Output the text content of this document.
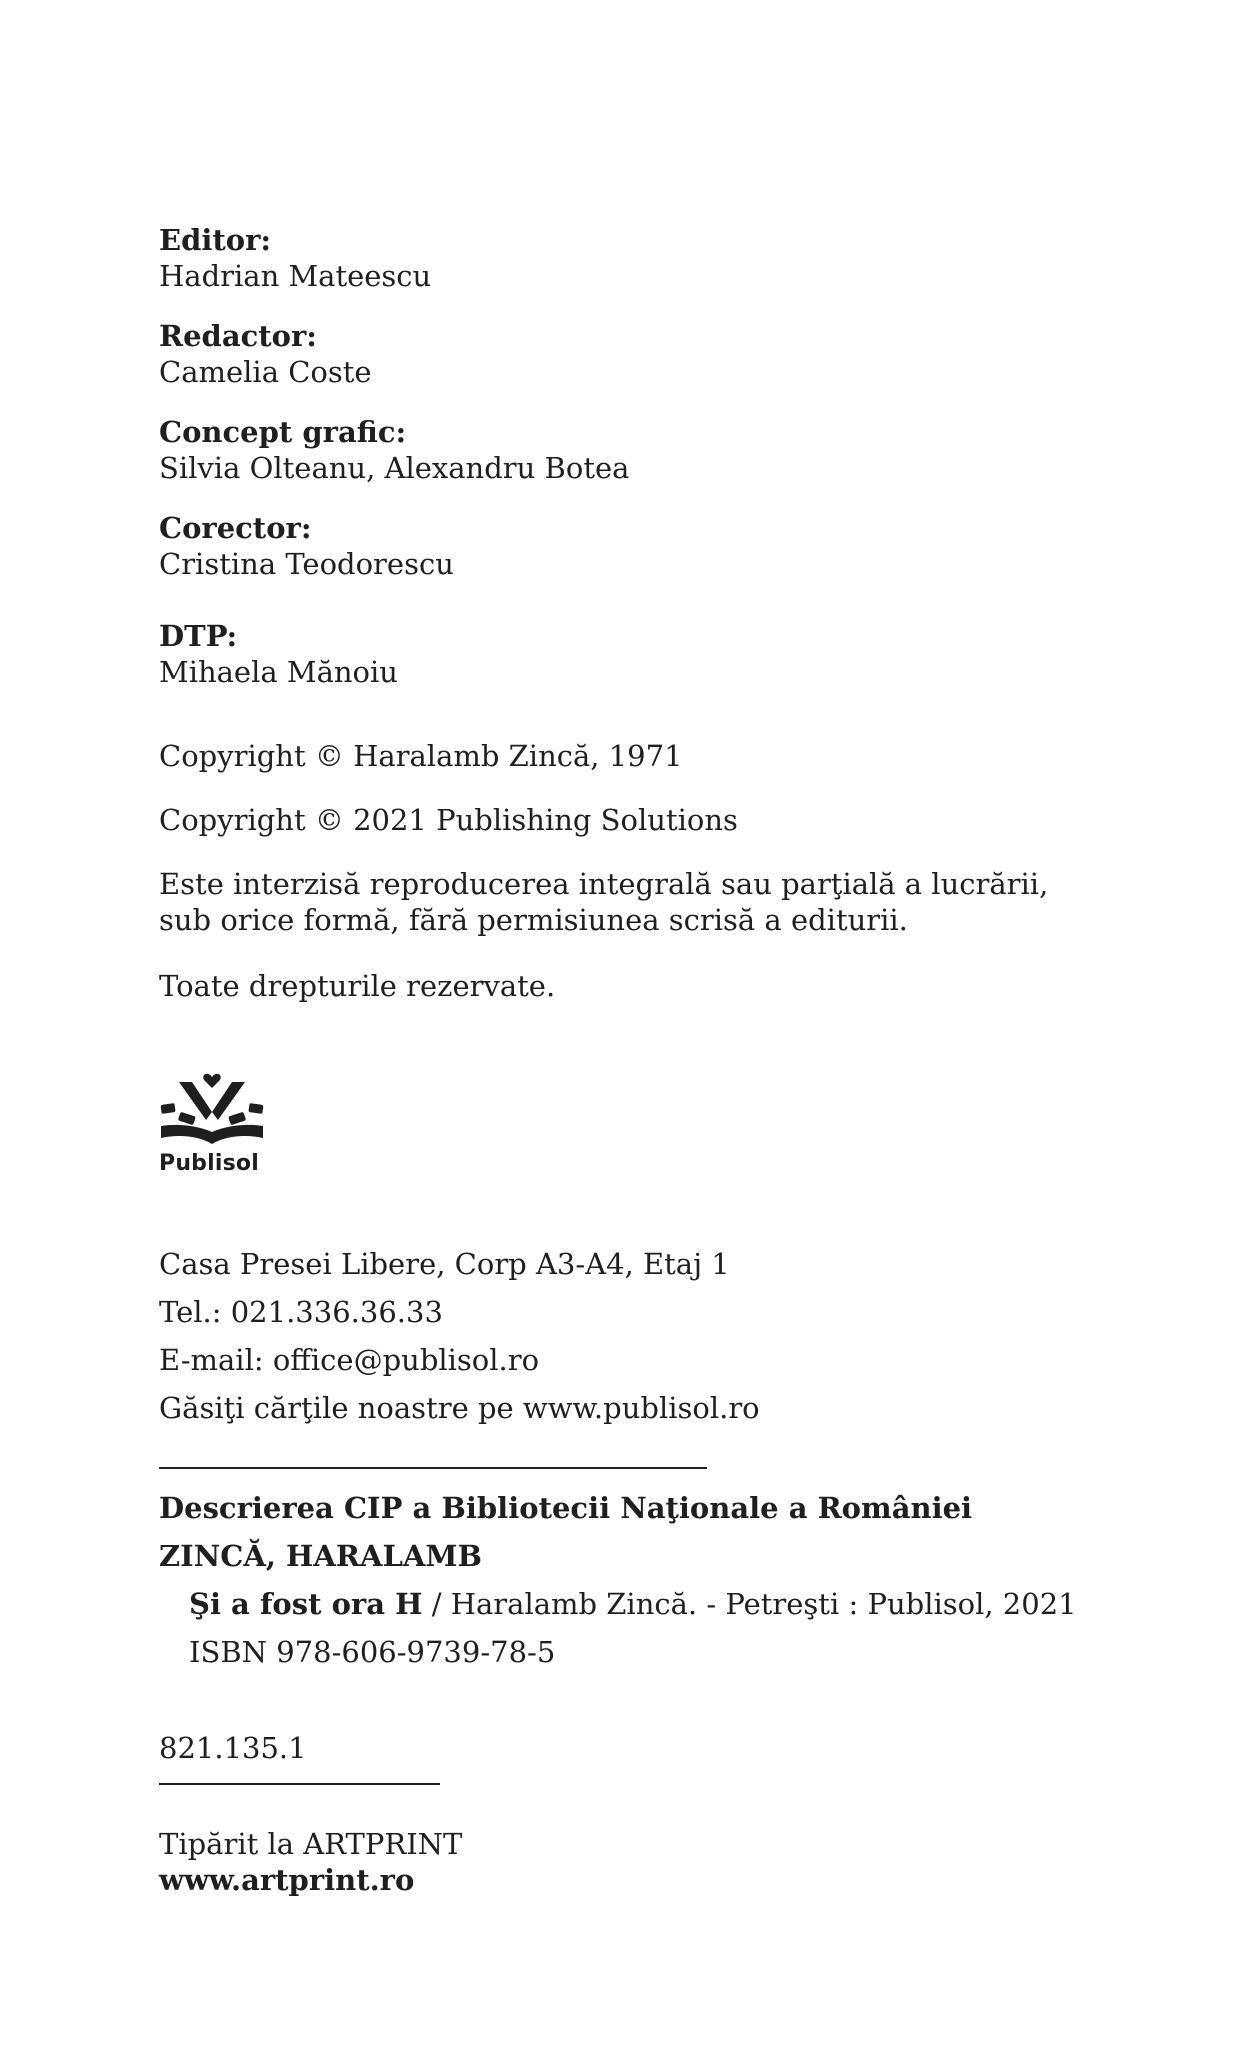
Editor:
Hadrian Mateescu
Redactor:
Camelia Coste
Concept grafic:
Silvia Olteanu, Alexandru Botea
Corector:
Cristina Teodorescu
DTP:
Mihaela Mănoiu
Copyright © Haralamb Zincă, 1971
Copyright © 2021 Publishing Solutions
Este interzisă reproducerea integrală sau parţială a lucrării,
sub orice formă, fără permisiunea scrisă a editurii.
Toate drepturile rezervate.
Publisol
Casa Presei Libere, Corp A3-A4, Etaj 1
Tel.: 021.336.36.33
E-mail: office@publisol.ro
Găsiţi cărţile noastre pe www.publisol.ro
Descrierea CIP a Bibliotecii Naţionale a României
ZINCĂ, HARALAMB
Şi a fost ora H / Haralamb Zincă. - Petreşti : Publisol, 2021
ISBN 978-606-9739-78-5
821.135.1
Tipărit la ARTPRINT
www.artprint.ro
